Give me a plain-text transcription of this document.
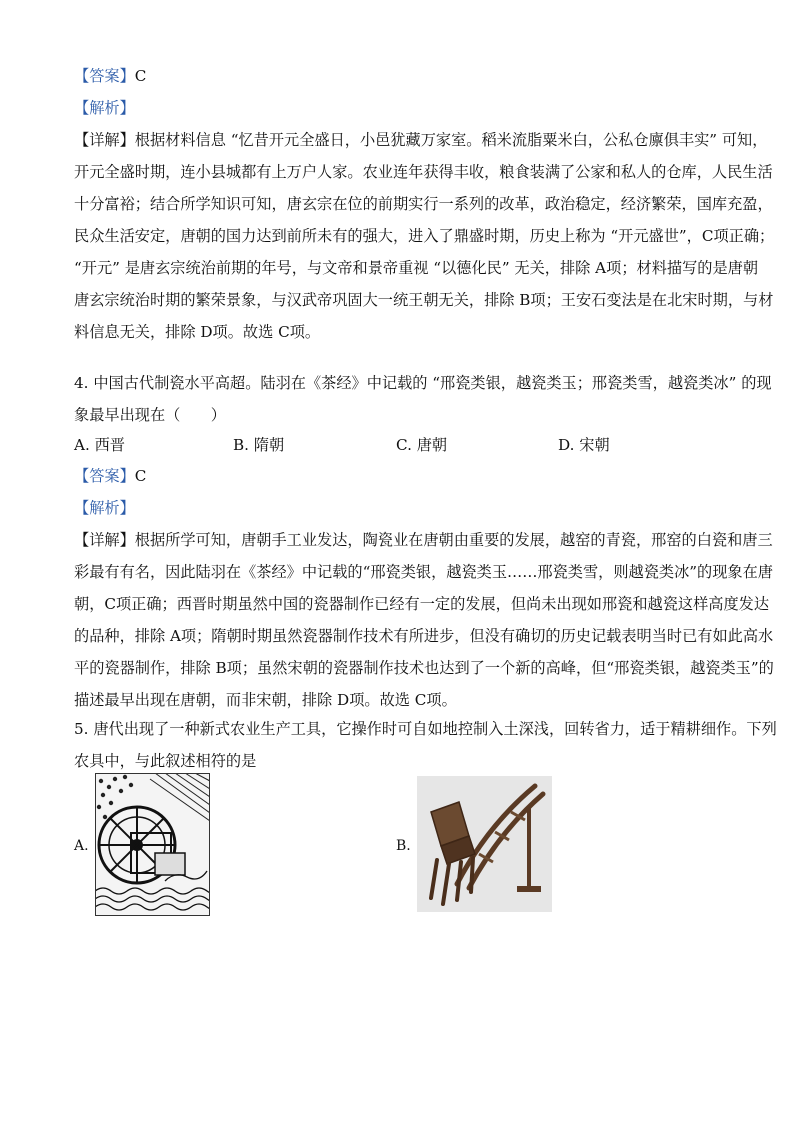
【答案】C
【解析】
【详解】根据材料信息 “忆昔开元全盛日，小邑犹藏万家室。稻米流脂粟米白，公私仓廪俱丰实” 可知，
开元全盛时期，连小县城都有上万户人家。农业连年获得丰收，粮食装满了公家和私人的仓库，人民生活
十分富裕；结合所学知识可知，唐玄宗在位的前期实行一系列的改革，政治稳定，经济繁荣，国库充盈，
民众生活安定，唐朝的国力达到前所未有的强大，进入了鼎盛时期，历史上称为 “开元盛世”，C项正确；
“开元” 是唐玄宗统治前期的年号，与文帝和景帝重视 “以德化民” 无关，排除 A项；材料描写的是唐朝
唐玄宗统治时期的繁荣景象，与汉武帝巩固大一统王朝无关，排除 B项；王安石变法是在北宋时期，与材
料信息无关，排除 D项。故选 C项。
4. 中国古代制瓷水平高超。陆羽在《茶经》中记载的 “邢瓷类银，越瓷类玉；邢瓷类雪，越瓷类冰” 的现
象最早出现在（　　）
A. 西晋	B. 隋朝	C. 唐朝	D. 宋朝
【答案】C
【解析】
【详解】根据所学可知，唐朝手工业发达，陶瓷业在唐朝由重要的发展，越窑的青瓷，邢窑的白瓷和唐三
彩最有有名，因此陆羽在《茶经》中记载的“邢瓷类银，越瓷类玉……邢瓷类雪，则越瓷类冰”的现象在唐
朝，C项正确；西晋时期虽然中国的瓷器制作已经有一定的发展，但尚未出现如邢瓷和越瓷这样高度发达
的品种，排除 A项；隋朝时期虽然瓷器制作技术有所进步，但没有确切的历史记载表明当时已有如此高水
平的瓷器制作，排除 B项；虽然宋朝的瓷器制作技术也达到了一个新的高峰，但“邢瓷类银，越瓷类玉”的
描述最早出现在唐朝，而非宋朝，排除 D项。故选 C项。
5. 唐代出现了一种新式农业生产工具，它操作时可自如地控制入土深浅，回转省力，适于精耕细作。下列
农具中，与此叙述相符的是
A.	B.
